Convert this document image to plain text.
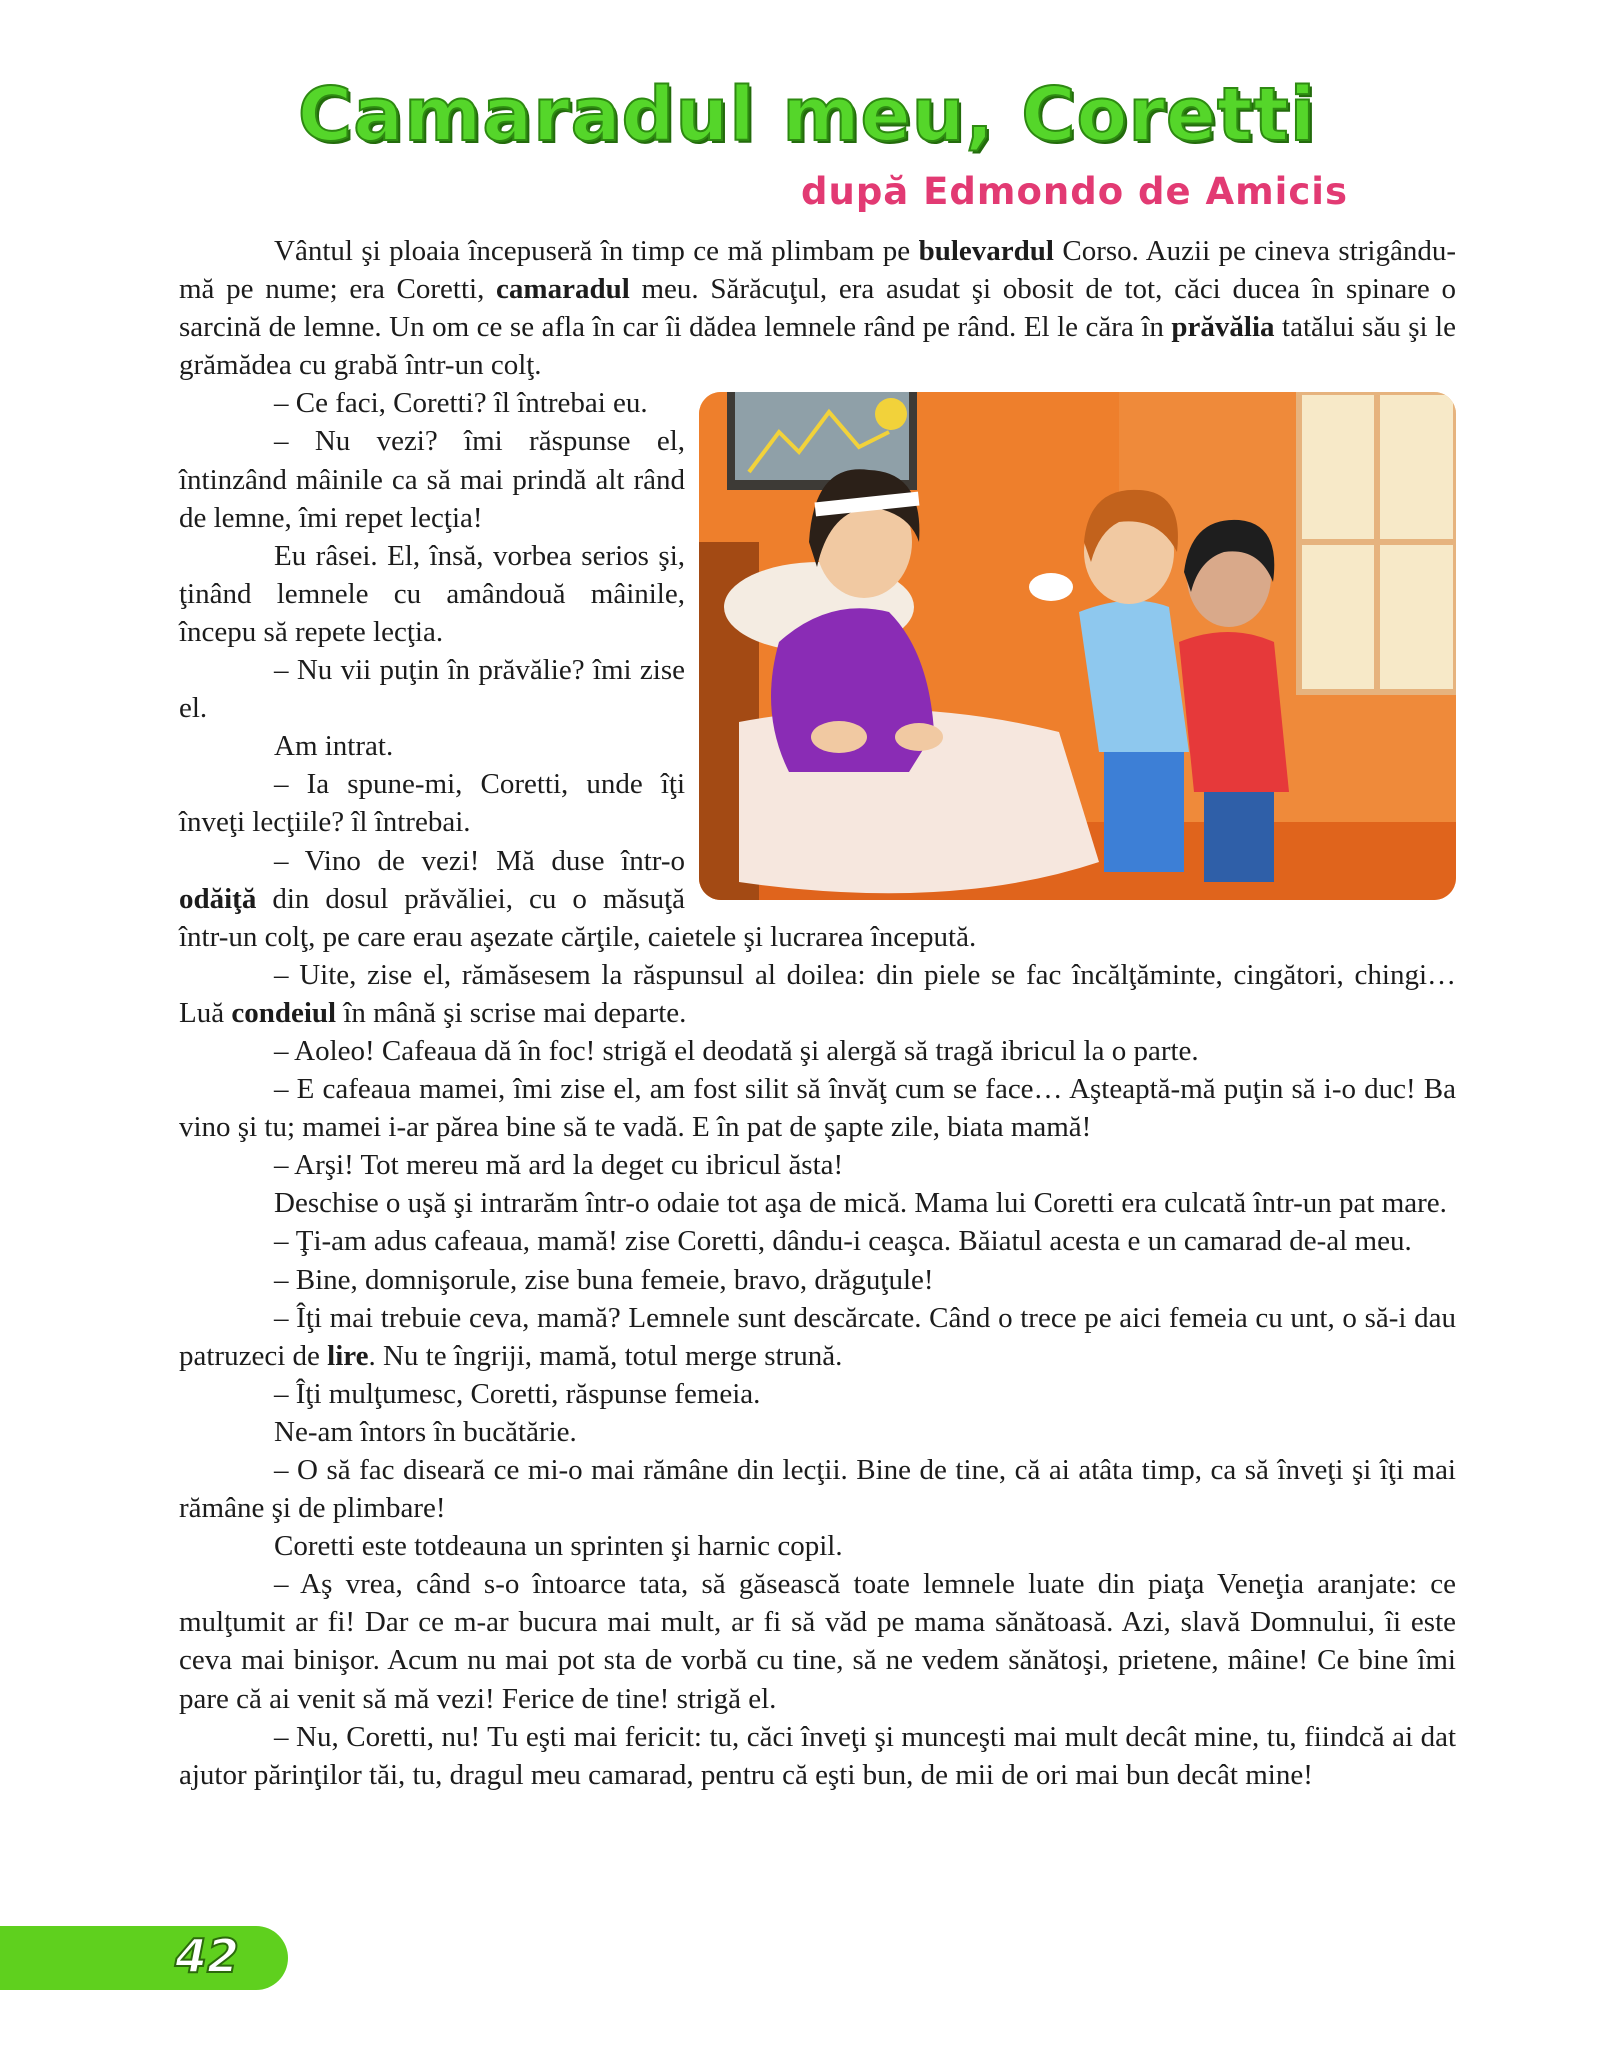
Camaradul meu, Coretti
după Edmondo de Amicis

Vântul şi ploaia începuseră în timp ce mă plimbam pe bulevardul Corso. Auzii pe cineva strigându-mă pe nume; era Coretti, camaradul meu. Sărăcuţul, era asudat şi obosit de tot, căci ducea în spinare o sarcină de lemne. Un om ce se afla în car îi dădea lemnele rând pe rând. El le căra în prăvălia tatălui său şi le grămădea cu grabă într-un colţ.

– Ce faci, Coretti? îl întrebai eu.

– Nu vezi? îmi răspunse el, întinzând mâinile ca să mai prindă alt rând de lemne, îmi repet lecţia!

Eu râsei. El, însă, vorbea serios şi, ţinând lemnele cu amândouă mâinile, începu să repete lecţia.

– Nu vii puţin în prăvălie? îmi zise el.

Am intrat.

– Ia spune-mi, Coretti, unde îţi înveţi lecţiile? îl întrebai.

– Vino de vezi! Mă duse într-o odăiţă din dosul prăvăliei, cu o măsuţă într-un colţ, pe care erau aşezate cărţile, caietele şi lucrarea începută.

– Uite, zise el, rămăsesem la răspunsul al doilea: din piele se fac încălţăminte, cingători, chingi… Luă condeiul în mână şi scrise mai departe.

– Aoleo! Cafeaua dă în foc! strigă el deodată şi alergă să tragă ibricul la o parte.

– E cafeaua mamei, îmi zise el, am fost silit să învăţ cum se face… Aşteaptă-mă puţin să i-o duc! Ba vino şi tu; mamei i-ar părea bine să te vadă. E în pat de şapte zile, biata mamă!

– Arşi! Tot mereu mă ard la deget cu ibricul ăsta!

Deschise o uşă şi intrarăm într-o odaie tot aşa de mică. Mama lui Coretti era culcată într-un pat mare.

– Ţi-am adus cafeaua, mamă! zise Coretti, dându-i ceaşca. Băiatul acesta e un camarad de-al meu.

– Bine, domnişorule, zise buna femeie, bravo, drăguţule!

– Îţi mai trebuie ceva, mamă? Lemnele sunt descărcate. Când o trece pe aici femeia cu unt, o să-i dau patruzeci de lire. Nu te îngriji, mamă, totul merge strună.

– Îţi mulţumesc, Coretti, răspunse femeia.

Ne-am întors în bucătărie.

– O să fac diseară ce mi-o mai rămâne din lecţii. Bine de tine, că ai atâta timp, ca să înveţi şi îţi mai rămâne şi de plimbare!

Coretti este totdeauna un sprinten şi harnic copil.

– Aş vrea, când s-o întoarce tata, să găsească toate lemnele luate din piaţa Veneţia aranjate: ce mulţumit ar fi! Dar ce m-ar bucura mai mult, ar fi să văd pe mama sănătoasă. Azi, slavă Domnului, îi este ceva mai binişor. Acum nu mai pot sta de vorbă cu tine, să ne vedem sănătoşi, prietene, mâine! Ce bine îmi pare că ai venit să mă vezi! Ferice de tine! strigă el.

– Nu, Coretti, nu! Tu eşti mai fericit: tu, căci înveţi şi munceşti mai mult decât mine, tu, fiindcă ai dat ajutor părinţilor tăi, tu, dragul meu camarad, pentru că eşti bun, de mii de ori mai bun decât mine!

42
